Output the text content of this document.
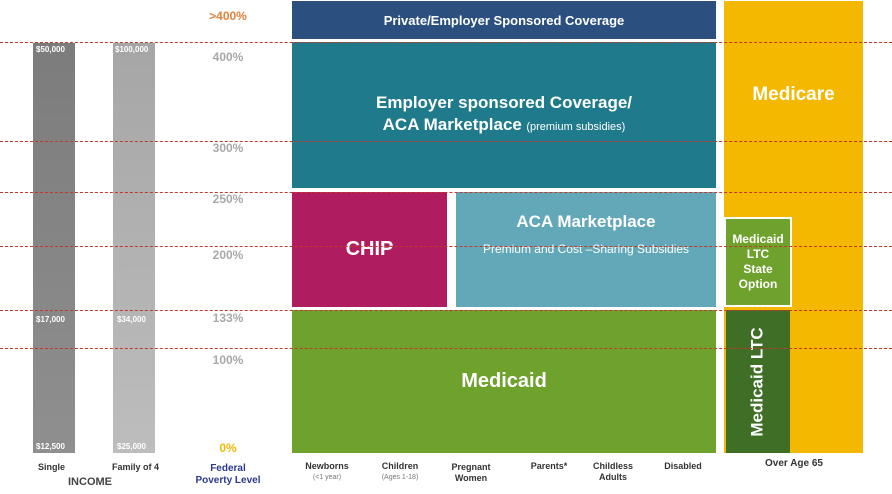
$50,000
$17,000
$12,500
$100,000
$34,000
$25,000
Single	Family of 4
INCOME
>400%
400%
300%
250%
200%
133%
100%
0%
Federal
Poverty Level
Private/Employer Sponsored Coverage
Employer sponsored Coverage/
ACA Marketplace (premium subsidies)
CHIP
ACA Marketplace
Premium and Cost –Sharing Subsidies
Medicaid
Medicare
Medicaid
LTC
State
Option
Medicaid LTC
Newborns
(<1 year)
Children
(Ages 1-18)
Pregnant
Women
Parents*	Childless
Adults
Disabled	Over Age 65
